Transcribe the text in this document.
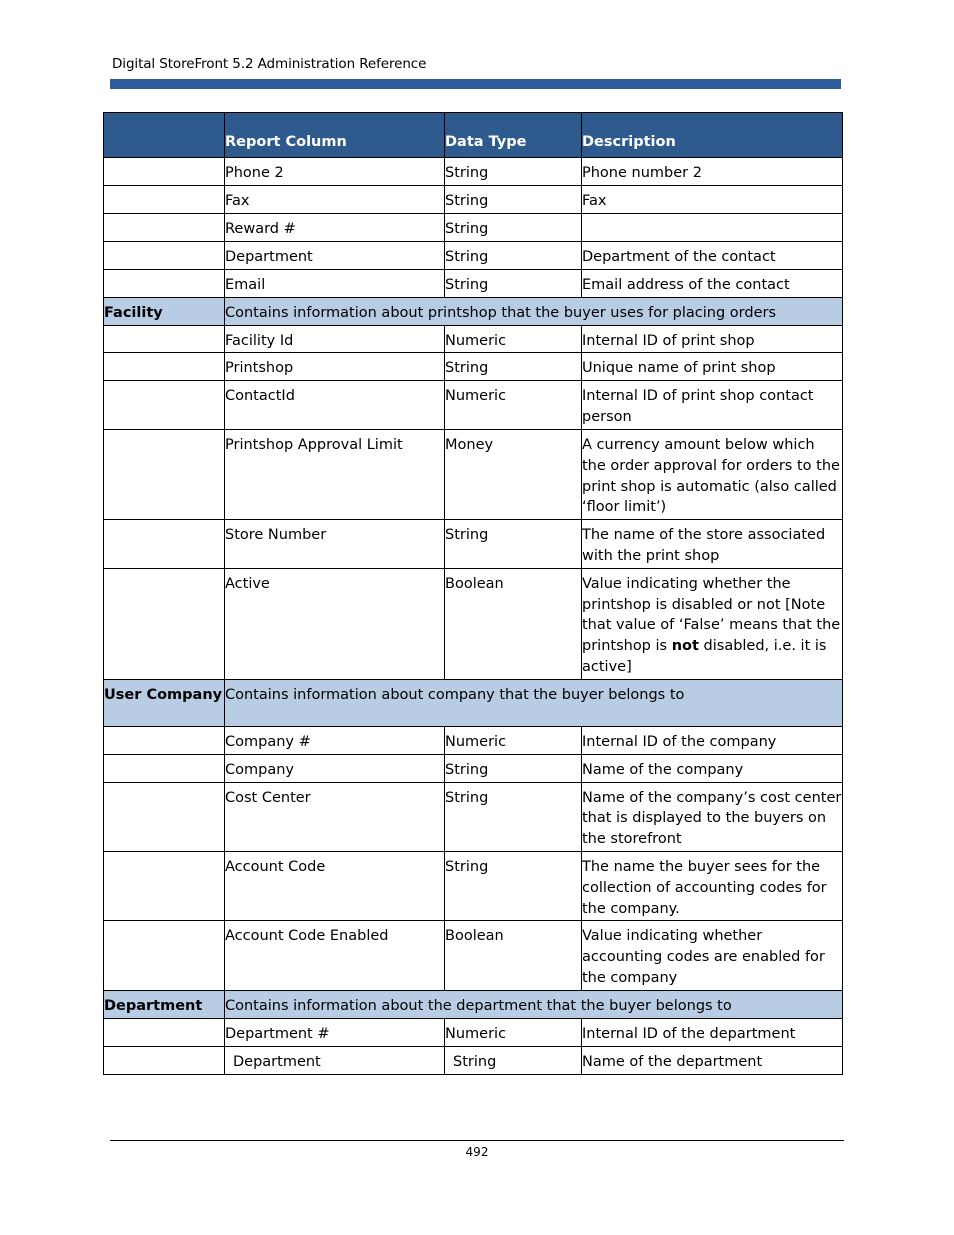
Digital StoreFront 5.2 Administration Reference
	Report Column	Data Type	Description
	Phone 2	String	Phone number 2
	Fax	String	Fax
	Reward #	String	
	Department	String	Department of the contact
	Email	String	Email address of the contact
Facility	Contains information about printshop that the buyer uses for placing orders		
	Facility Id	Numeric	Internal ID of print shop
	Printshop	String	Unique name of print shop
	ContactId	Numeric	Internal ID of print shop contact person
	Printshop Approval Limit	Money	A currency amount below which the order approval for orders to the print shop is automatic (also called ‘floor limit’)
	Store Number	String	The name of the store associated with the print shop
	Active	Boolean	Value indicating whether the printshop is disabled or not [Note that value of ‘False’ means that the printshop is not disabled, i.e. it is active]
User Company	Contains information about company that the buyer belongs to		
	Company #	Numeric	Internal ID of the company
	Company	String	Name of the company
	Cost Center	String	Name of the company’s cost center that is displayed to the buyers on the storefront
	Account Code	String	The name the buyer sees for the collection of accounting codes for the company.
	Account Code Enabled	Boolean	Value indicating whether accounting codes are enabled for the company
Department	Contains information about the department that the buyer belongs to		
	Department #	Numeric	Internal ID of the department
	Department	String	Name of the department
492
